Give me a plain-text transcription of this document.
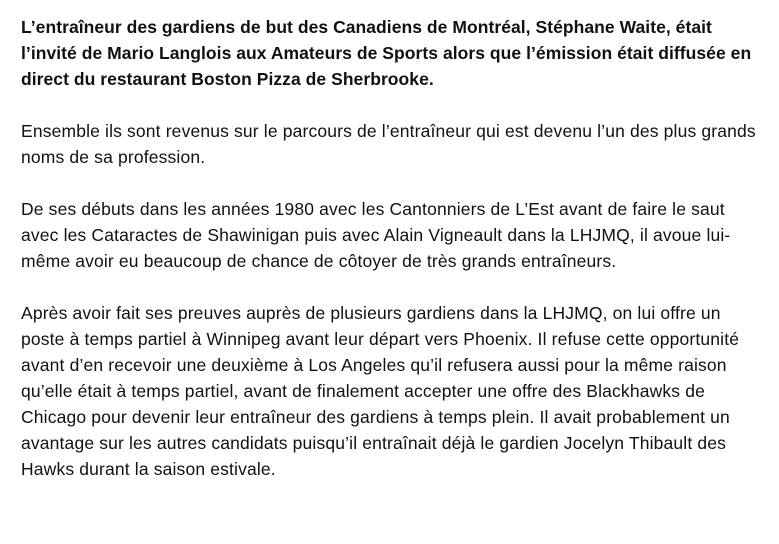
L’entraîneur des gardiens de but des Canadiens de Montréal, Stéphane Waite, était l’invité de Mario Langlois aux Amateurs de Sports alors que l’émission était diffusée en direct du restaurant Boston Pizza de Sherbrooke.

Ensemble ils sont revenus sur le parcours de l’entraîneur qui est devenu l’un des plus grands noms de sa profession.

De ses débuts dans les années 1980 avec les Cantonniers de L’Est avant de faire le saut avec les Cataractes de Shawinigan puis avec Alain Vigneault dans la LHJMQ, il avoue lui-même avoir eu beaucoup de chance de côtoyer de très grands entraîneurs.

Après avoir fait ses preuves auprès de plusieurs gardiens dans la LHJMQ, on lui offre un poste à temps partiel à Winnipeg avant leur départ vers Phoenix. Il refuse cette opportunité avant d’en recevoir une deuxième à Los Angeles qu’il refusera aussi pour la même raison qu’elle était à temps partiel, avant de finalement accepter une offre des Blackhawks de Chicago pour devenir leur entraîneur des gardiens à temps plein. Il avait probablement un avantage sur les autres candidats puisqu’il entraînait déjà le gardien Jocelyn Thibault des Hawks durant la saison estivale.
